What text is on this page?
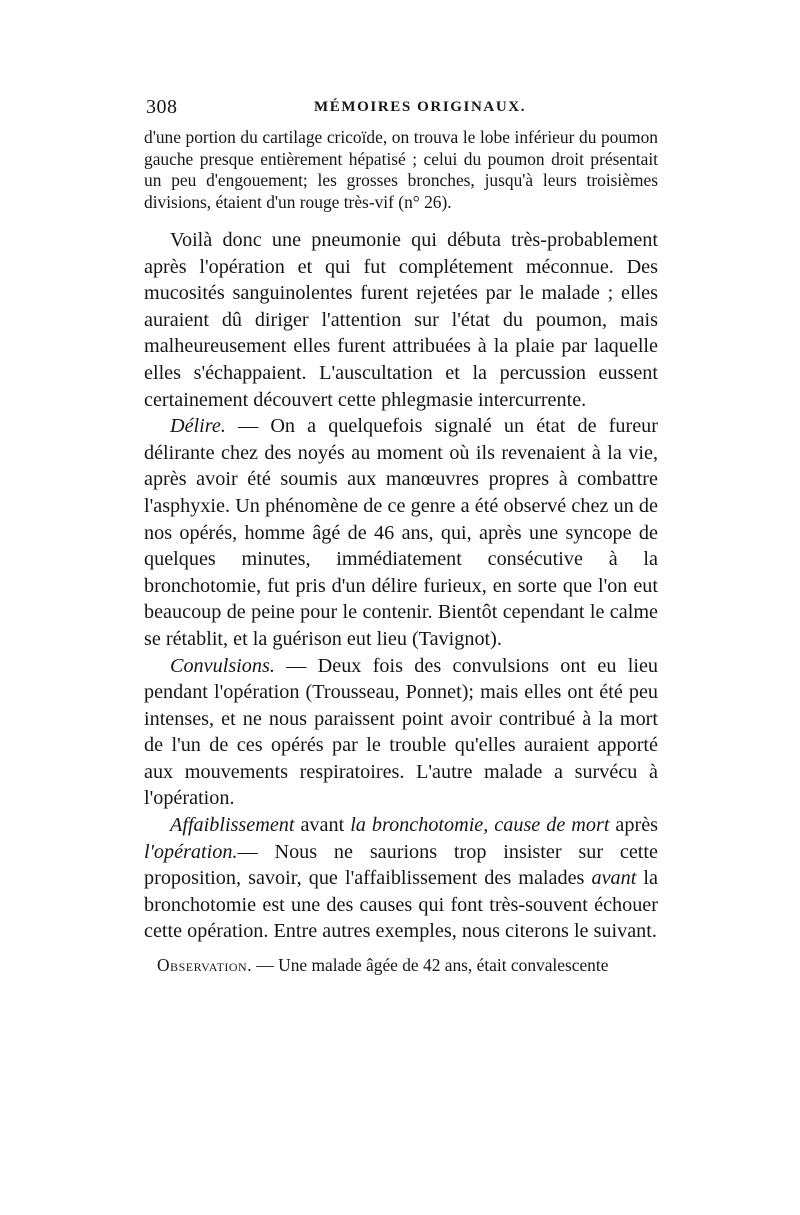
308	MÉMOIRES ORIGINAUX.

d'une portion du cartilage cricoïde, on trouva le lobe inférieur du poumon gauche presque entièrement hépatisé ; celui du poumon droit présentait un peu d'engouement; les grosses bronches, jusqu'à leurs troisièmes divisions, étaient d'un rouge très-vif (n° 26).

Voilà donc une pneumonie qui débuta très-probablement après l'opération et qui fut complétement méconnue. Des mucosités sanguinolentes furent rejetées par le malade ; elles auraient dû diriger l'attention sur l'état du poumon, mais malheureusement elles furent attribuées à la plaie par laquelle elles s'échappaient. L'auscultation et la percussion eussent certainement découvert cette phlegmasie intercurrente.

Délire. — On a quelquefois signalé un état de fureur délirante chez des noyés au moment où ils revenaient à la vie, après avoir été soumis aux manœuvres propres à combattre l'asphyxie. Un phénomène de ce genre a été observé chez un de nos opérés, homme âgé de 46 ans, qui, après une syncope de quelques minutes, immédiatement consécutive à la bronchotomie, fut pris d'un délire furieux, en sorte que l'on eut beaucoup de peine pour le contenir. Bientôt cependant le calme se rétablit, et la guérison eut lieu (Tavignot).

Convulsions. — Deux fois des convulsions ont eu lieu pendant l'opération (Trousseau, Ponnet); mais elles ont été peu intenses, et ne nous paraissent point avoir contribué à la mort de l'un de ces opérés par le trouble qu'elles auraient apporté aux mouvements respiratoires. L'autre malade a survécu à l'opération.

Affaiblissement avant la bronchotomie, cause de mort après l'opération.— Nous ne saurions trop insister sur cette proposition, savoir, que l'affaiblissement des malades avant la bronchotomie est une des causes qui font très-souvent échouer cette opération. Entre autres exemples, nous citerons le suivant.

Observation. — Une malade âgée de 42 ans, était convalescente
